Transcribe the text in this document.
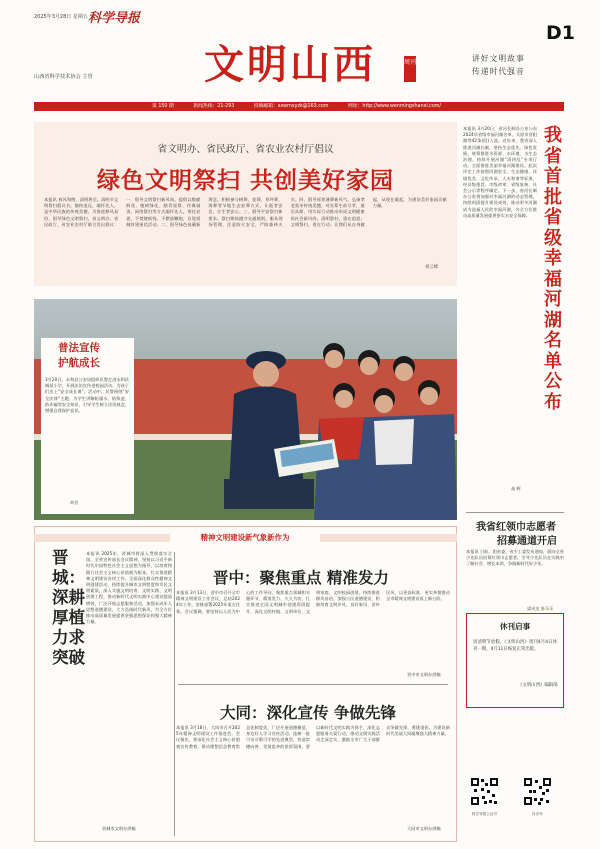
2025年3月28日 星期五 科学导报
山西省科学技术协会 主管	文明山西	周刊	讲好文明故事
传递时代强音
D1
第 150 期	新闻热线：21-293	投稿邮箱：sxwmxyzk@163.com	网址：http://www.wenmingshanxi.com/
省文明办、省民政厅、省农业农村厅倡议
绿色文明祭扫 共创美好家园
本报讯 春风和煦，清明将至。清明节文明祭扫倡议书。慎终追远，缅怀先人，是中华民族的传统美德。为推进移风易俗，倡导绿色文明祭扫，省文明办、省民政厅、省农业农村厅联合发出倡议：一、倡导文明祭扫新风尚。提倡以敬献鲜花、植树绿化、踏青遥祭、经典诵读、网络祭扫等方式缅怀先人，寄托哀思，不焚烧纸钱、不燃放鞭炮，自觉抵制封建迷信活动。二、倡导绿色低碳新理念。积极参与树葬、花葬、草坪葬、海葬等节地生态安葬方式，让逝者安息，让生者安心。三、倡导平安祭扫新要求。祭扫期间遵守交通规则，服从现场管理，注意防火安全，严防森林火灾。四、倡导厚养薄葬新风气。弘扬孝老爱亲传统美德，对长辈生前尽孝，逝后从简，用实际行动推动形成文明健康的社会新风尚。清明祭扫，重在追思；文明祭扫，贵在行动。让我们从自身做起，从现在做起，为建设美好家园贡献力量。
刘云峰
普法宣传
护航成长
3月20日，永和县公安局组织民警走进永和县城某小学，开展法治宣传进校园活动，为孩子们送上“安全成长课”。活动中，民警围绕“安全法律”主题，为学生讲解防溺水、防欺凌、防诈骗等安全知识，引导学生树立法治观念，增强自我保护意识。
胡晋
我省首批省级幸福河湖名单公布
本报讯 3月20日，省河长制办公室公布2024年省级幸福河湖名单，太原市晋阳湖等42条(段)入选。近年来，我省深入推进河湖长制，坚持生态优先、绿色发展，统筹推进水资源、水环境、水生态治理，持续开展河湖“清四乱”专项行动，全面推进美丽幸福河湖建设。此次评定工作按照河湖安全、生态健康、环境优美、文化传承、人水和谐等标准，经县级推荐、市级初审、省级复核、社会公示等程序确定。下一步，省河长制办公室将加强对幸福河湖的动态管理，持续巩固提升建设成效，推动更多河湖成为造福人民的幸福河湖，为全方位推动高质量发展提供坚实水安全保障。
高 辉
我省红领巾志愿者
招募通道开启
本报讯 日前，团省委、省少工委发布通知，面向全省少先队员招募红领巾志愿者，引导少先队员在实践中了解社会、增长本领，争做新时代好少年。
梁成龙 陈乐乐
休刊启事
因清明节放假，《文明山西》周刊4月4日休刊一期，4月11日恢复正常出版。
《文明山西》编辑部
科学导报公众号	抖音号
精神文明建设新气象新作为
晋城：深耕厚植 力求突破
本报讯 2025年，晋城市将深入贯彻落实全国、全省宣传部长会议精神，坚持以习近平新时代中国特色社会主义思想为指导，以培育和践行社会主义核心价值观为根本，扎实推进精神文明建设各项工作。全面深化群众性精神文明创建活动，持续提升城市文明程度和市民文明素质，深入实施文明培育、文明实践、文明创建工程，推动新时代文明实践中心建设提质增效，广泛开展志愿服务活动，加强未成年人思想道德建设，大力弘扬时代新风，为全方位推动高质量发展提供坚强思想保证和强大精神力量。
晋城市文明办供稿
晋中：聚焦重点 精准发力
本报讯 3月13日，晋中市召开全市精神文明建设工作会议，总结2024年工作，安排部署2025年重点任务。会议强调，要坚持以人民为中心的工作导向，聚焦重点领域和关键环节，精准发力、久久为功，扎实推进全国文明城市创建巩固提升，深化文明村镇、文明单位、文明家庭、文明校园创建，持续推进移风易俗，加强公民道德建设，积极培育文明乡风、良好家风、淳朴民风，以更高标准、更实举措推动全市精神文明建设再上新台阶。
晋中市文明办供稿
大同：深化宣传 争做先锋
本报讯 3月18日，大同市召开2025年精神文明建设工作推进会。会议指出，要深化社会主义核心价值观宣传教育，推动理想信念教育常态化制度化，广泛开展道德模范、身边好人学习宣传活动，选树一批可亲可敬可学的先进典型，营造崇德向善、见贤思齐的浓厚氛围。要以新时代文明实践为抓手，深化志愿服务关爱行动，推动文明实践活动走深走实，激励全市广大干部群众争做先锋、勇挑重担，为建设新时代美丽大同凝聚强大精神力量。
大同市文明办供稿
